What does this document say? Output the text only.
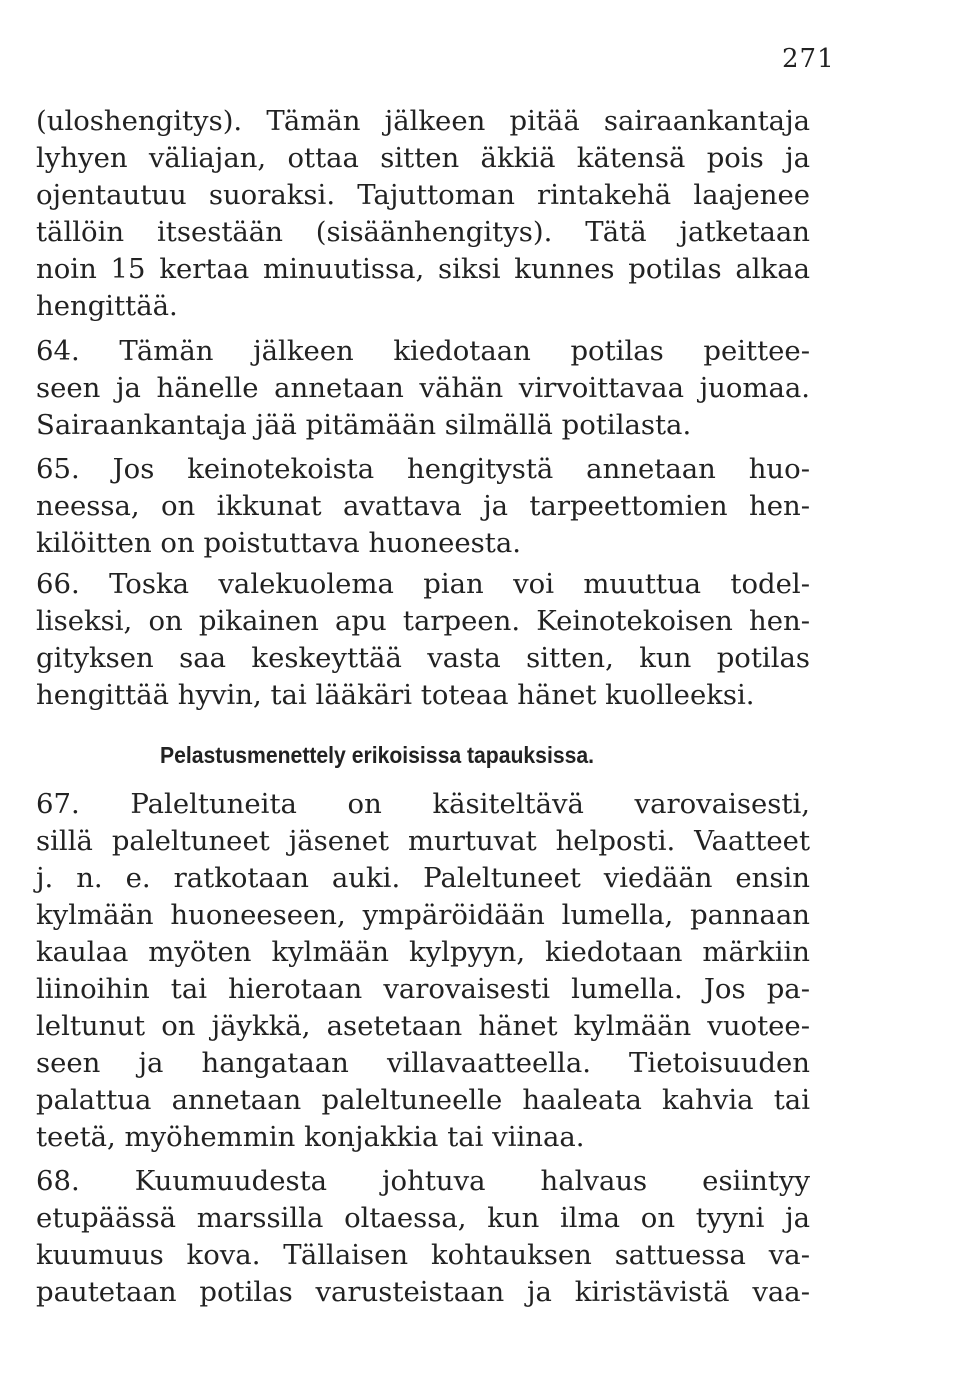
271
(uloshengitys). Tämän jälkeen pitää sairaankantaja
lyhyen väliajan, ottaa sitten äkkiä kätensä pois ja
ojentautuu suoraksi. Tajuttoman rintakehä laajenee
tällöin itsestään (sisäänhengitys). Tätä jatketaan
noin 15 kertaa minuutissa, siksi kunnes potilas alkaa
hengittää.
64. Tämän jälkeen kiedotaan potilas peittee-
seen ja hänelle annetaan vähän virvoittavaa juomaa.
Sairaankantaja jää pitämään silmällä potilasta.
65. Jos keinotekoista hengitystä annetaan huo-
neessa, on ikkunat avattava ja tarpeettomien hen-
kilöitten on poistuttava huoneesta.
66. Toska valekuolema pian voi muuttua todel-
liseksi, on pikainen apu tarpeen. Keinotekoisen hen-
gityksen saa keskeyttää vasta sitten, kun potilas
hengittää hyvin, tai lääkäri toteaa hänet kuolleeksi.
Pelastusmenettely erikoisissa tapauksissa.
67. Paleltuneita on käsiteltävä varovaisesti,
sillä paleltuneet jäsenet murtuvat helposti. Vaatteet
j. n. e. ratkotaan auki. Paleltuneet viedään ensin
kylmään huoneeseen, ympäröidään lumella, pannaan
kaulaa myöten kylmään kylpyyn, kiedotaan märkiin
liinoihin tai hierotaan varovaisesti lumella. Jos pa-
leltunut on jäykkä, asetetaan hänet kylmään vuotee-
seen ja hangataan villavaatteella. Tietoisuuden
palattua annetaan paleltuneelle haaleata kahvia tai
teetä, myöhemmin konjakkia tai viinaa.
68. Kuumuudesta johtuva halvaus esiintyy
etupäässä marssilla oltaessa, kun ilma on tyyni ja
kuumuus kova. Tällaisen kohtauksen sattuessa va-
pautetaan potilas varusteistaan ja kiristävistä vaa-
